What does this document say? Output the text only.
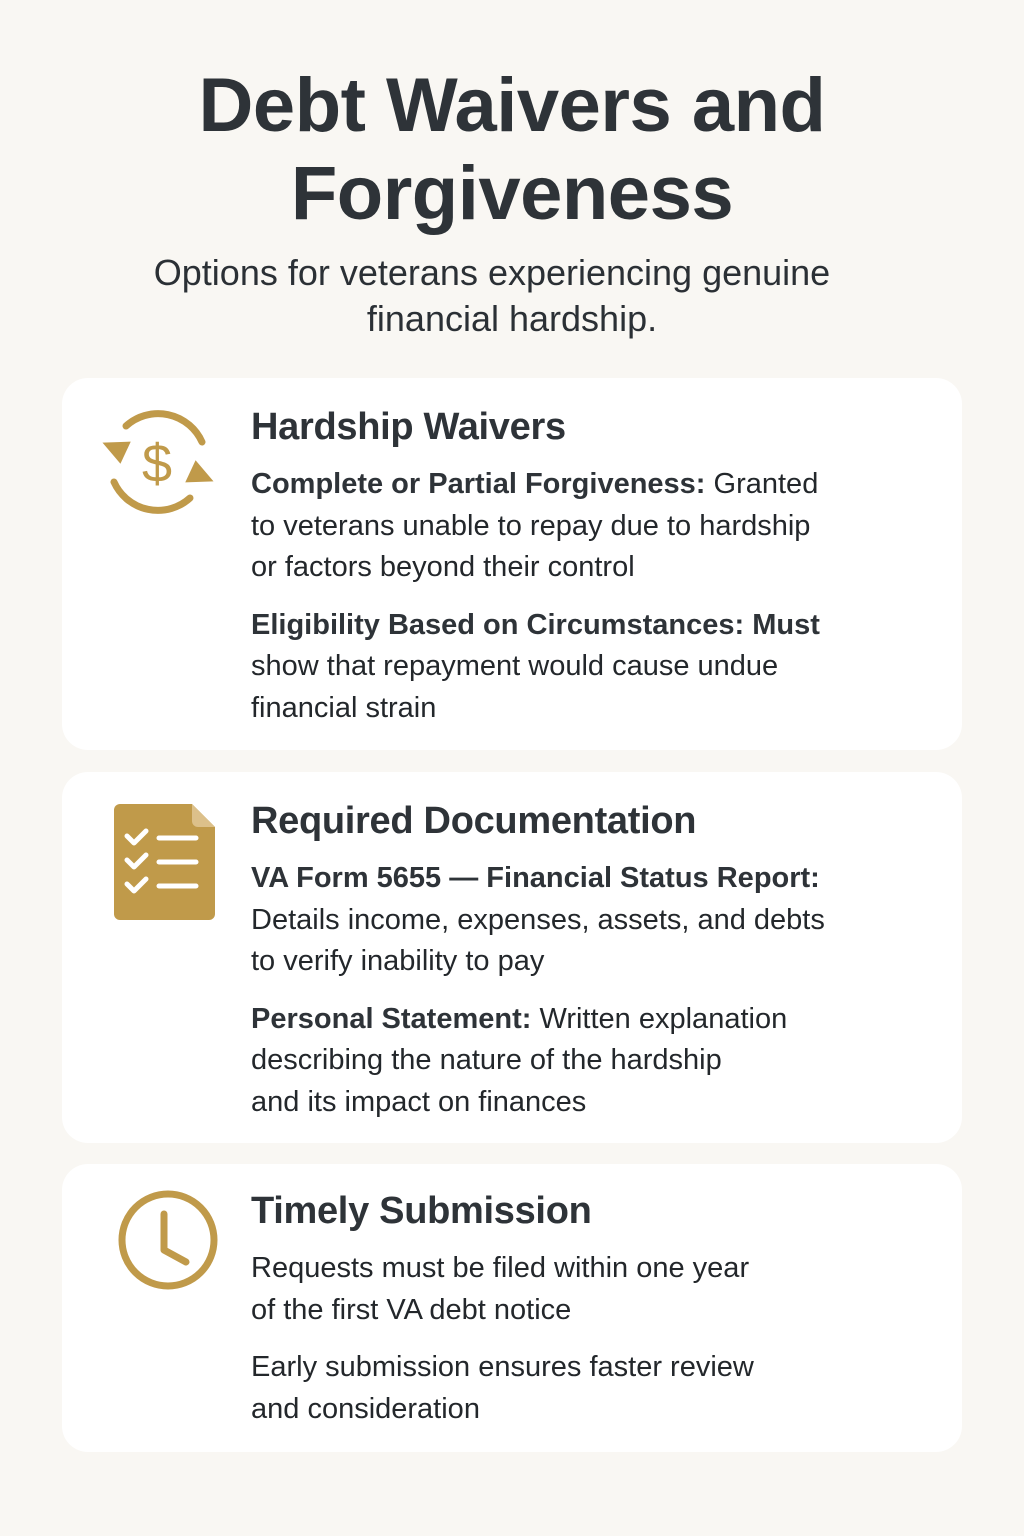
Debt Waivers and
Forgiveness

Options for veterans experiencing genuine
financial hardship.

$
Hardship Waivers

Complete or Partial Forgiveness: Granted
to veterans unable to repay due to hardship
or factors beyond their control

Eligibility Based on Circumstances: Must
show that repayment would cause undue
financial strain

Required Documentation

VA Form 5655 — Financial Status Report:
Details income, expenses, assets, and debts
to verify inability to pay

Personal Statement: Written explanation
describing the nature of the hardship
and its impact on finances

Timely Submission

Requests must be filed within one year
of the first VA debt notice

Early submission ensures faster review
and consideration
